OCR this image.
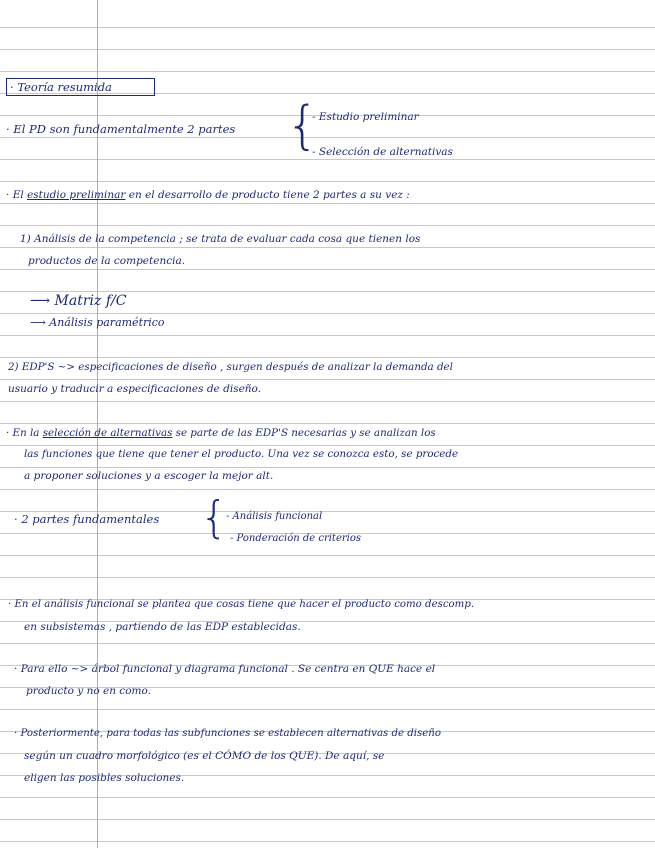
· Teoría resumida
· El PD son fundamentalmente 2 partes {
- Estudio preliminar
- Selección de alternativas
· El estudio preliminar en el desarrollo de producto tiene 2 partes a su vez :
1) Análisis de la competencia ; se trata de evaluar cada cosa que tienen los
productos de la competencia.
⟶ Matriz f/C
⟶ Análisis paramétrico
2) EDP'S ~> especificaciones de diseño , surgen después de analizar la demanda del
usuario y traducir a especificaciones de diseño.
· En la selección de alternativas se parte de las EDP'S necesarias y se analizan los
las funciones que tiene que tener el producto. Una vez se conozca esto, se procede
a proponer soluciones y a escoger la mejor alt.
· 2 partes fundamentales {
- Análisis funcional
- Ponderación de criterios
· En el análisis funcional se plantea que cosas tiene que hacer el producto como descomp.
en subsistemas , partiendo de las EDP establecidas.
· Para ello ~> árbol funcional y diagrama funcional . Se centra en QUE hace el
producto y no en como.
· Posteriormente, para todas las subfunciones se establecen alternativas de diseño
según un cuadro morfológico (es el CÓMO de los QUE). De aquí, se
eligen las posibles soluciones.
